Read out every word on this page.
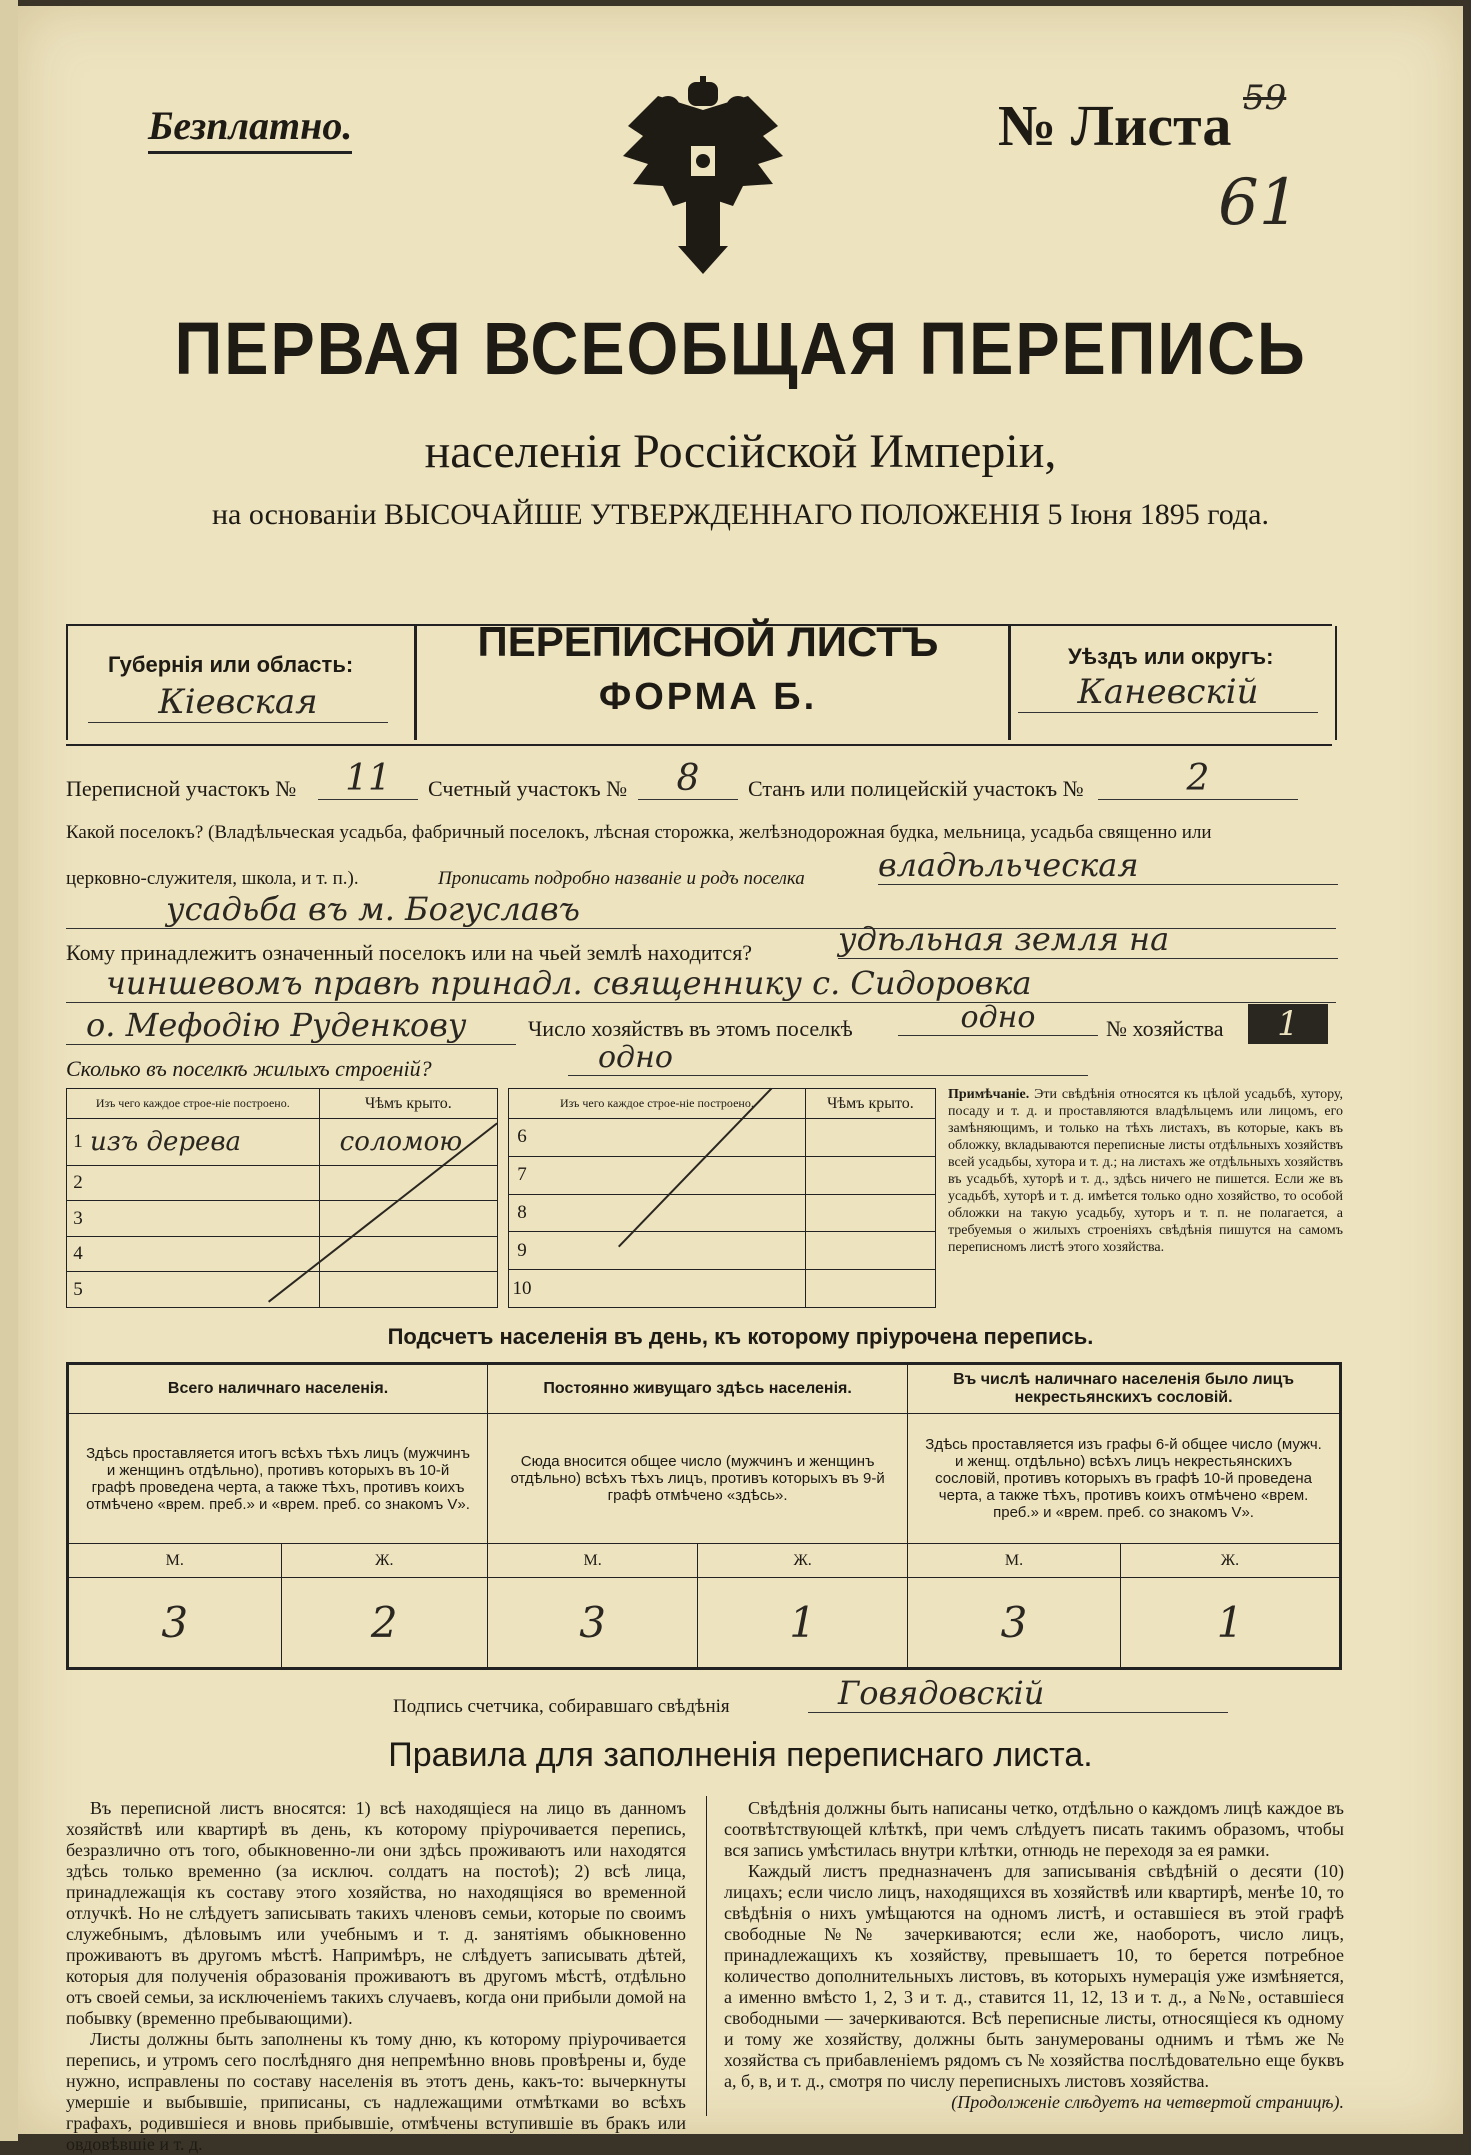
Безплатно.	№ Листа 59
61
ПЕРВАЯ ВСЕОБЩАЯ ПЕРЕПИСЬ
населенія Россійской Имперіи,
на основаніи ВЫСОЧАЙШЕ УТВЕРЖДЕННАГО ПОЛОЖЕНІЯ 5 Іюня 1895 года.
Губернія или область:
Кіевская
ПЕРЕПИСНОЙ ЛИСТЪ
ФОРМА Б.
Уѣздъ или округъ:
Каневскій
Переписной участокъ №	11	Счетный участокъ №	8	Станъ или полицейскій участокъ №	2
Какой поселокъ? (Владѣльческая усадьба, фабричный поселокъ, лѣсная сторожка, желѣзнодорожная будка, мельница, усадьба священно или
церковно-служителя, школа, и т. п.).	Прописать подробно названіе и родъ поселка владѣльческая
усадьба въ м. Богуславъ
Кому принадлежитъ означенный поселокъ или на чьей землѣ находится?	удѣльная земля на
чиншевомъ правѣ принадл. священнику с. Сидоровка
о. Мефодію Руденкову	Число хозяйствъ въ этомъ поселкѣ	одно	№ хозяйства	1
Сколько въ поселкѣ жилыхъ строеній?	одно
Изъ чего каждое строе-ніе построено.		Чѣмъ крыто.
1	изъ дерева	соломою
2		
3		
4		
5		
Изъ чего каждое строе-ніе построено.		Чѣмъ крыто.
6		
7		
8		
9		
10		
Примѣчаніе. Эти свѣдѣнія относятся къ цѣлой усадьбѣ, хутору, посаду и т. д. и проставляются владѣльцемъ или лицомъ, его замѣняющимъ, и только на тѣхъ листахъ, въ которые, какъ въ обложку, вкладываются переписные листы отдѣльныхъ хозяйствъ всей усадьбы, хутора и т. д.; на листахъ же отдѣльныхъ хозяйствъ въ усадьбѣ, хуторѣ и т. д., здѣсь ничего не пишется. Если же въ усадьбѣ, хуторѣ и т. д. имѣется только одно хозяйство, то особой обложки на такую усадьбу, хуторъ и т. п. не полагается, а требуемыя о жилыхъ строеніяхъ свѣдѣнія пишутся на самомъ переписномъ листѣ этого хозяйства.
Подсчетъ населенія въ день, къ которому пріурочена перепись.
Всего наличнаго населенія.		Постоянно живущаго здѣсь населенія.		Въ числѣ наличнаго населенія было лицъ некрестьянскихъ сословій.	
Здѣсь проставляется итогъ всѣхъ тѣхъ лицъ (мужчинъ и женщинъ отдѣльно), противъ которыхъ въ 10-й графѣ проведена черта, а также тѣхъ, противъ коихъ отмѣчено «врем. преб.» и «врем. преб. со знакомъ V».		Сюда вносится общее число (мужчинъ и женщинъ отдѣльно) всѣхъ тѣхъ лицъ, противъ которыхъ въ 9-й графѣ отмѣчено «здѣсь».		Здѣсь проставляется изъ графы 6-й общее число (мужч. и женщ. отдѣльно) всѣхъ лицъ некрестьянскихъ сословій, противъ которыхъ въ графѣ 10-й проведена черта, а также тѣхъ, противъ коихъ отмѣчено «врем. преб.» и «врем. преб. со знакомъ V».	
М.	Ж.	М.	Ж.	М.	Ж.
3	2	3	1	3	1
Подпись счетчика, собиравшаго свѣдѣнія	Говядовскій
Правила для заполненія переписнаго листа.
Въ переписной листъ вносятся: 1) всѣ находящіеся на лицо въ данномъ хозяйствѣ или квартирѣ въ день, къ которому пріурочивается перепись, безразлично отъ того, обыкновенно-ли они здѣсь проживаютъ или находятся здѣсь только временно (за исключ. солдатъ на постоѣ); 2) всѣ лица, принадлежащія къ составу этого хозяйства, но находящіяся во временной отлучкѣ. Но не слѣдуетъ записывать такихъ членовъ семьи, которые по своимъ служебнымъ, дѣловымъ или учебнымъ и т. д. занятіямъ обыкновенно проживаютъ въ другомъ мѣстѣ. Напримѣръ, не слѣдуетъ записывать дѣтей, которыя для полученія образованія проживаютъ въ другомъ мѣстѣ, отдѣльно отъ своей семьи, за исключеніемъ такихъ случаевъ, когда они прибыли домой на побывку (временно пребывающими).
Листы должны быть заполнены къ тому дню, къ которому пріурочивается перепись, и утромъ сего послѣдняго дня непремѣнно вновь провѣрены и, буде нужно, исправлены по составу населенія въ этотъ день, какъ-то: вычеркнуты умершіе и выбывшіе, приписаны, съ надлежащими отмѣтками во всѣхъ графахъ, родившіеся и вновь прибывшіе, отмѣчены вступившіе въ бракъ или овдовѣвшіе и т. д.
Свѣдѣнія должны быть написаны четко, отдѣльно о каждомъ лицѣ каждое въ соотвѣтствующей клѣткѣ, при чемъ слѣдуетъ писать такимъ образомъ, чтобы вся запись умѣстилась внутри клѣтки, отнюдь не переходя за ея рамки.
Каждый листъ предназначенъ для записыванія свѣдѣній о десяти (10) лицахъ; если число лицъ, находящихся въ хозяйствѣ или квартирѣ, менѣе 10, то свѣдѣнія о нихъ умѣщаются на одномъ листѣ, и оставшіеся въ этой графѣ свободные №№ зачеркиваются; если же, наоборотъ, число лицъ, принадлежащихъ къ хозяйству, превышаетъ 10, то берется потребное количество дополнительныхъ листовъ, въ которыхъ нумерація уже измѣняется, а именно вмѣсто 1, 2, 3 и т. д., ставится 11, 12, 13 и т. д., а №№, оставшіеся свободными — зачеркиваются. Всѣ переписные листы, относящіеся къ одному и тому же хозяйству, должны быть занумерованы однимъ и тѣмъ же № хозяйства съ прибавленіемъ рядомъ съ № хозяйства послѣдовательно еще буквъ а, б, в, и т. д., смотря по числу переписныхъ листовъ хозяйства.
(Продолженіе слѣдуетъ на четвертой страницѣ).
